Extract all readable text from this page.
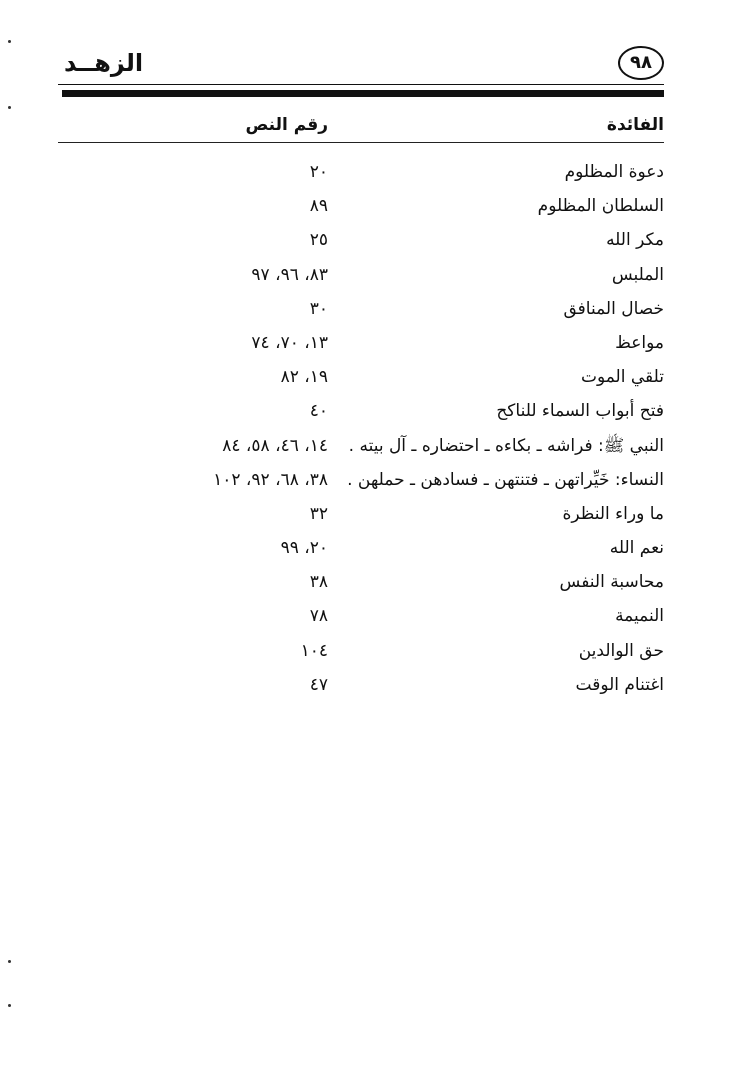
٩٨
الزهــد
الفائدة
رقم النص
دعوة المظلوم
٢٠
السلطان المظلوم
٨٩
مكر الله
٢٥
الملبس
٨٣، ٩٦، ٩٧
خصال المنافق
٣٠
مواعظ
١٣، ٧٠، ٧٤
تلقي الموت
١٩، ٨٢
فتح أبواب السماء للناكح
٤٠
النبي ﷺ: فراشه ـ بكاءه ـ احتضاره ـ آل بيته .
١٤، ٤٦، ٥٨، ٨٤
النساء: خَيِّراتهن ـ فتنتهن ـ فسادهن ـ حملهن .
٣٨، ٦٨، ٩٢، ١٠٢
ما وراء النظرة
٣٢
نعم الله
٢٠، ٩٩
محاسبة النفس
٣٨
النميمة
٧٨
حق الوالدين
١٠٤
اغتنام الوقت
٤٧
